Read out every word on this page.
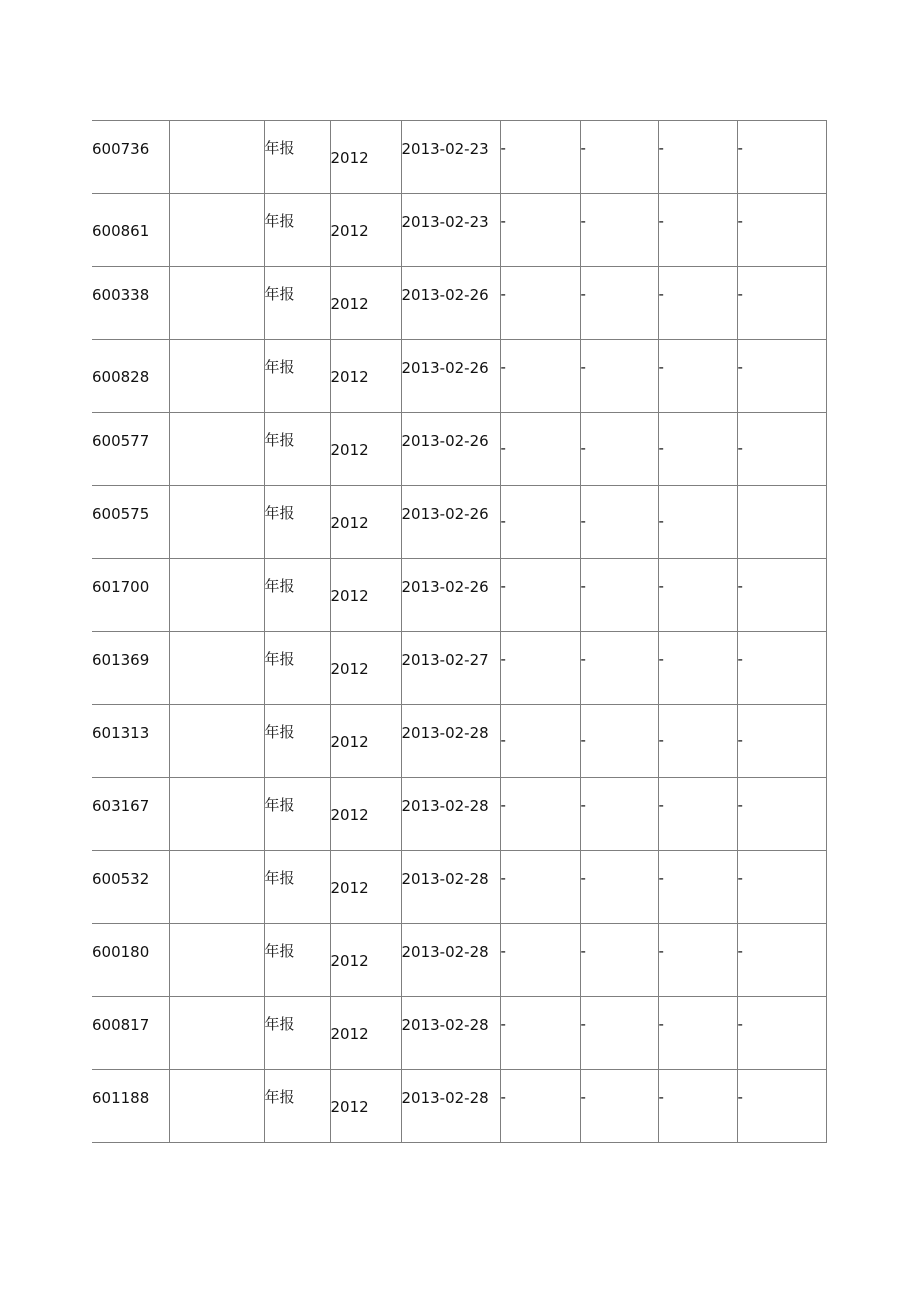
600736		年报	2012	2013-02-23	-	-	-	-

600861		年报	2012	2013-02-23	-	-	-	-

600338		年报	2012	2013-02-26	-	-	-	-

600828		年报	2012	2013-02-26	-	-	-	-

600577		年报	2012	2013-02-26	-	-	-	-

600575		年报	2012	2013-02-26	-	-	-	

601700		年报	2012	2013-02-26	-	-	-	-

601369		年报	2012	2013-02-27	-	-	-	-

601313		年报	2012	2013-02-28	-	-	-	-

603167		年报	2012	2013-02-28	-	-	-	-

600532		年报	2012	2013-02-28	-	-	-	-

600180		年报	2012	2013-02-28	-	-	-	-

600817		年报	2012	2013-02-28	-	-	-	-

601188		年报	2012	2013-02-28	-	-	-	-
